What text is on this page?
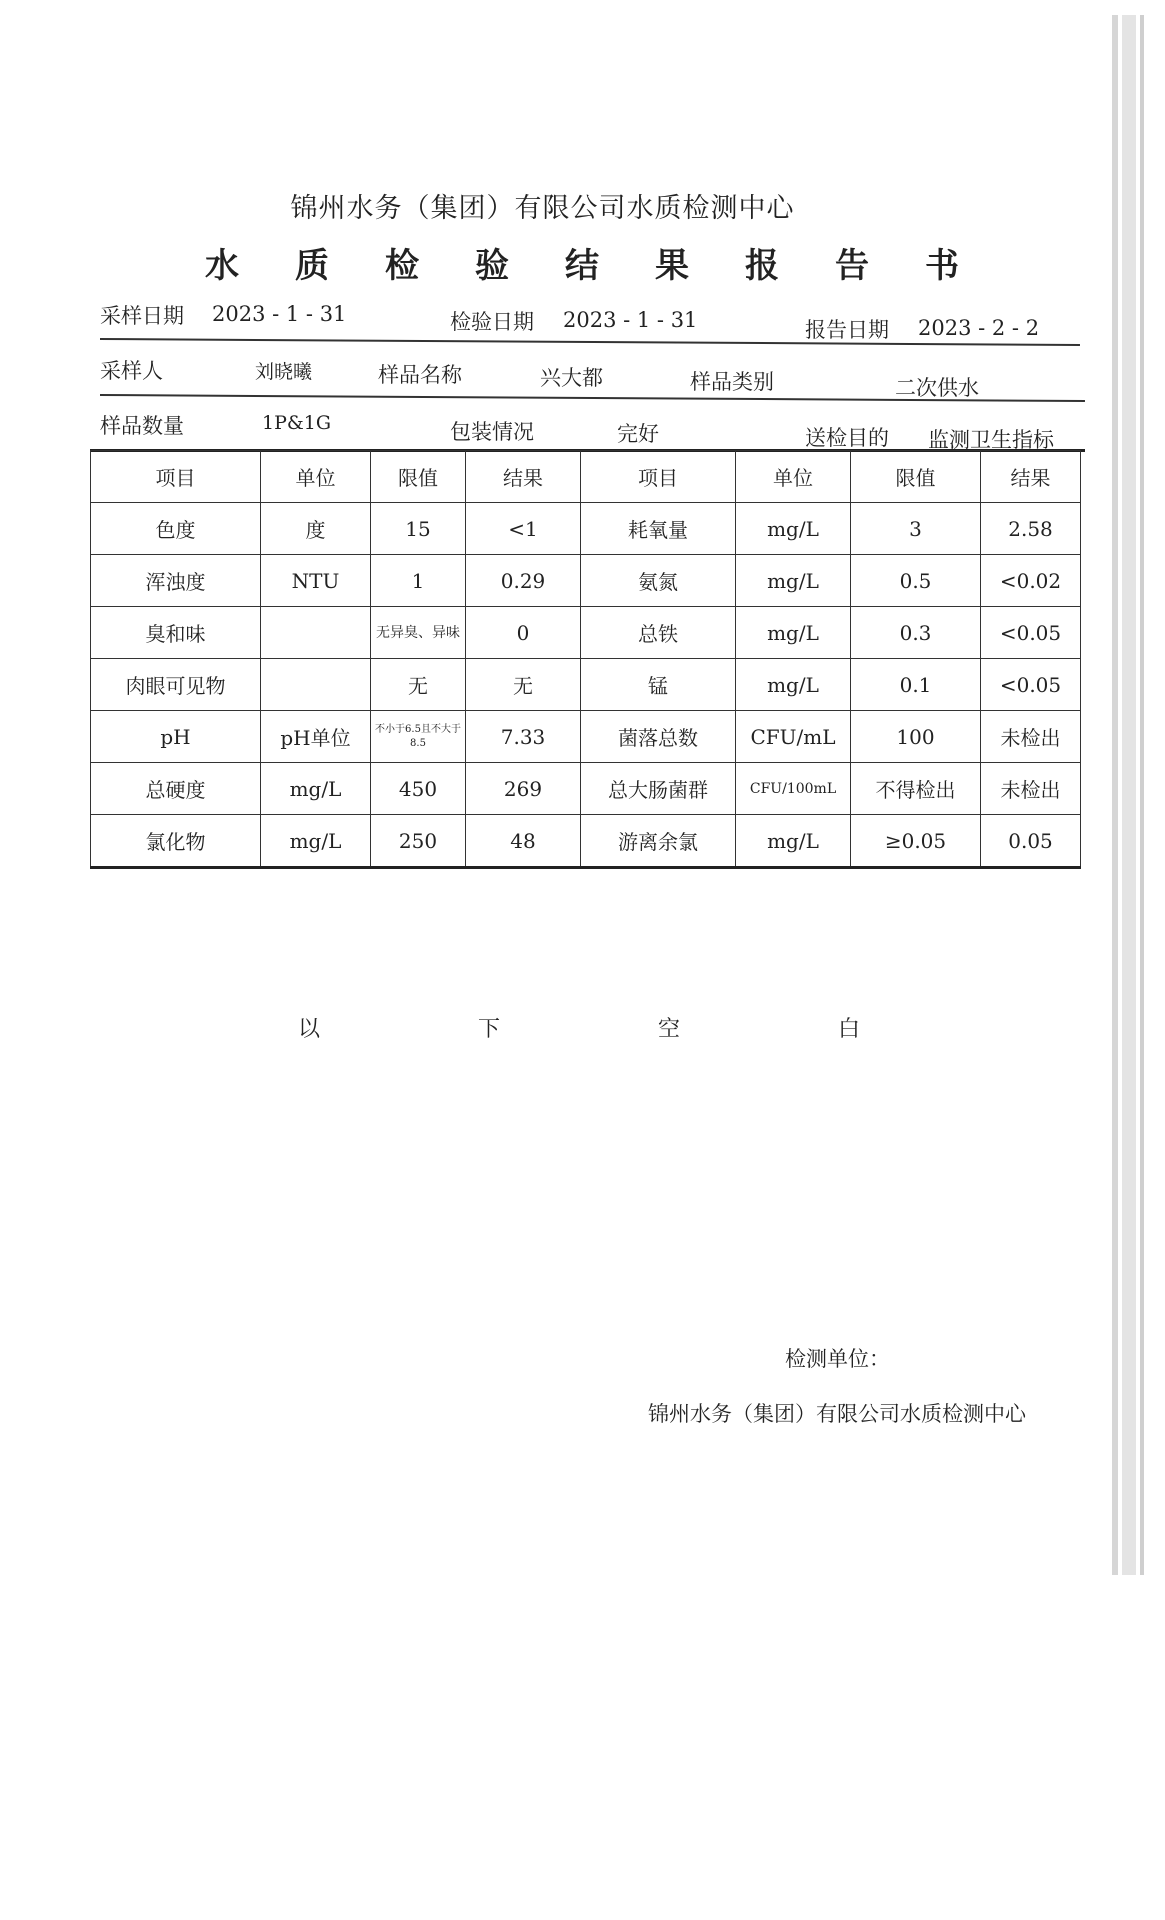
锦州水务（集团）有限公司水质检测中心
水质检验结果报告书
采样日期 2023 - 1 - 31	检验日期 2023 - 1 - 31	报告日期 2023 - 2 - 2
采样人	刘晓曦	样品名称	兴大都	样品类别	二次供水
样品数量	1P&1G	包装情况	完好	送检目的 监测卫生指标
项目	单位	限值	结果	项目	单位	限值	结果
色度	度	15	<1	耗氧量	mg/L	3	2.58
浑浊度	NTU	1	0.29	氨氮	mg/L	0.5	<0.02
臭和味		无异臭、异味	0	总铁	mg/L	0.3	<0.05
肉眼可见物		无	无	锰	mg/L	0.1	<0.05
pH	pH单位	不小于6.5且不大于8.5	7.33	菌落总数	CFU/mL	100	未检出
总硬度	mg/L	450	269	总大肠菌群	CFU/100mL	不得检出	未检出
氯化物	mg/L	250	48	游离余氯	mg/L	≥0.05	0.05
以	下	空	白
检测单位：
锦州水务（集团）有限公司水质检测中心
